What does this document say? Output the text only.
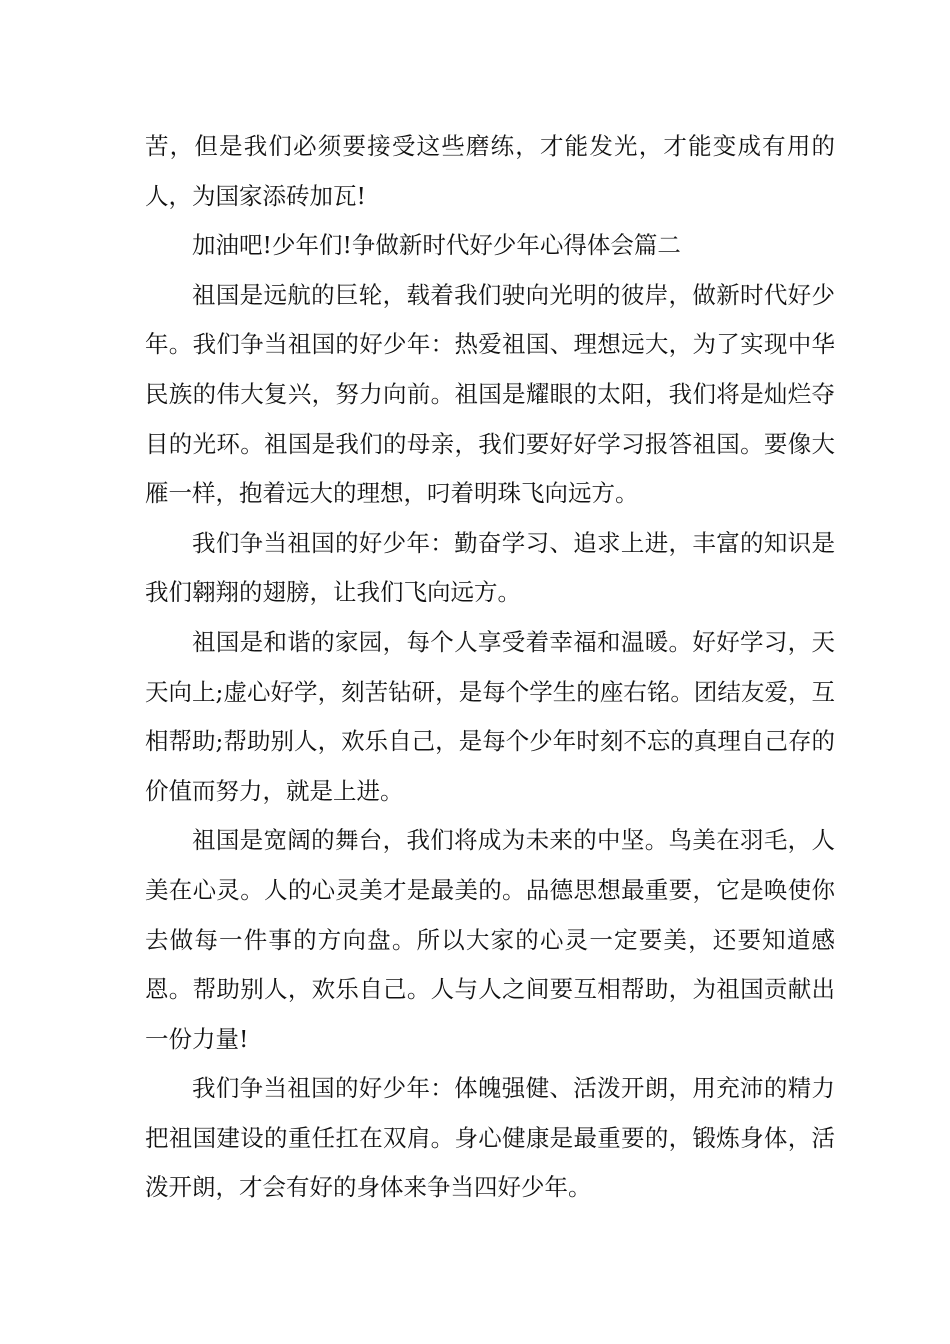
苦，但是我们必须要接受这些磨练，才能发光，才能变成有用的人，为国家添砖加瓦!

加油吧!少年们!争做新时代好少年心得体会篇二

祖国是远航的巨轮，载着我们驶向光明的彼岸，做新时代好少年。我们争当祖国的好少年：热爱祖国、理想远大，为了实现中华民族的伟大复兴，努力向前。祖国是耀眼的太阳，我们将是灿烂夺目的光环。祖国是我们的母亲，我们要好好学习报答祖国。要像大雁一样，抱着远大的理想，叼着明珠飞向远方。

我们争当祖国的好少年：勤奋学习、追求上进，丰富的知识是我们翱翔的翅膀，让我们飞向远方。

祖国是和谐的家园，每个人享受着幸福和温暖。好好学习，天天向上;虚心好学，刻苦钻研，是每个学生的座右铭。团结友爱，互相帮助;帮助别人，欢乐自己，是每个少年时刻不忘的真理自己存的价值而努力，就是上进。

祖国是宽阔的舞台，我们将成为未来的中坚。鸟美在羽毛，人美在心灵。人的心灵美才是最美的。品德思想最重要，它是唤使你去做每一件事的方向盘。所以大家的心灵一定要美，还要知道感恩。帮助别人，欢乐自己。人与人之间要互相帮助，为祖国贡献出一份力量!

我们争当祖国的好少年：体魄强健、活泼开朗，用充沛的精力把祖国建设的重任扛在双肩。身心健康是最重要的，锻炼身体，活泼开朗，才会有好的身体来争当四好少年。
